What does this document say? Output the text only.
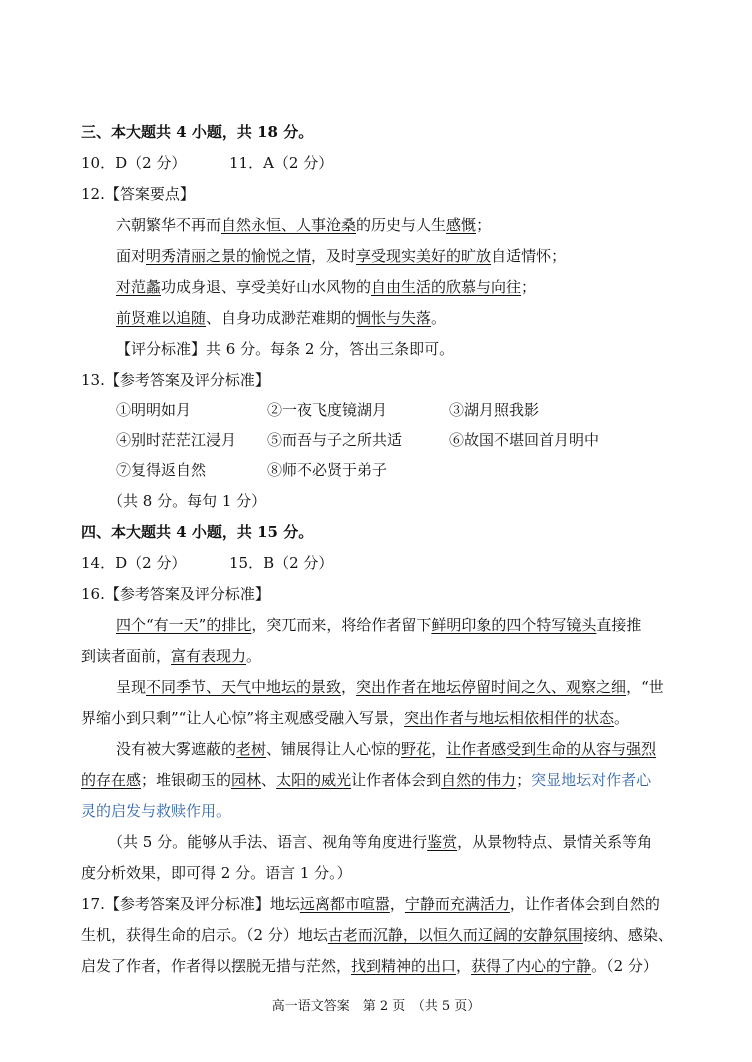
三、本大题共 4 小题，共 18 分。
10．D（2 分）	11．A（2 分）
12.【答案要点】
六朝繁华不再而自然永恒、人事沧桑的历史与人生感慨；
面对明秀清丽之景的愉悦之情，及时享受现实美好的旷放自适情怀；
对范蠡功成身退、享受美好山水风物的自由生活的欣慕与向往；
前贤难以追随、自身功成渺茫难期的惆怅与失落。
【评分标准】共 6 分。每条 2 分，答出三条即可。
13.【参考答案及评分标准】
①明明如月	②一夜飞度镜湖月	③湖月照我影
④别时茫茫江浸月 ⑤而吾与子之所共适	⑥故国不堪回首月明中
⑦复得返自然	⑧师不必贤于弟子
（共 8 分。每句 1 分）
四、本大题共 4 小题，共 15 分。
14．D（2 分）	15．B（2 分）
16.【参考答案及评分标准】
四个“有一天”的排比，突兀而来，将给作者留下鲜明印象的四个特写镜头直接推
到读者面前，富有表现力。
呈现不同季节、天气中地坛的景致，突出作者在地坛停留时间之久、观察之细，“世
界缩小到只剩”“让人心惊”将主观感受融入写景，突出作者与地坛相依相伴的状态。
没有被大雾遮蔽的老树、铺展得让人心惊的野花，让作者感受到生命的从容与强烈
的存在感；堆银砌玉的园林、太阳的威光让作者体会到自然的伟力；突显地坛对作者心
灵的启发与救赎作用。
（共 5 分。能够从手法、语言、视角等角度进行鉴赏，从景物特点、景情关系等角
度分析效果，即可得 2 分。语言 1 分。）
17.【参考答案及评分标准】地坛远离都市喧嚣，宁静而充满活力，让作者体会到自然的
生机，获得生命的启示。（2 分）地坛古老而沉静，以恒久而辽阔的安静氛围接纳、感染、
启发了作者，作者得以摆脱无措与茫然，找到精神的出口，获得了内心的宁静。（2 分）
高一语文答案　第 2 页　（共 5 页）
